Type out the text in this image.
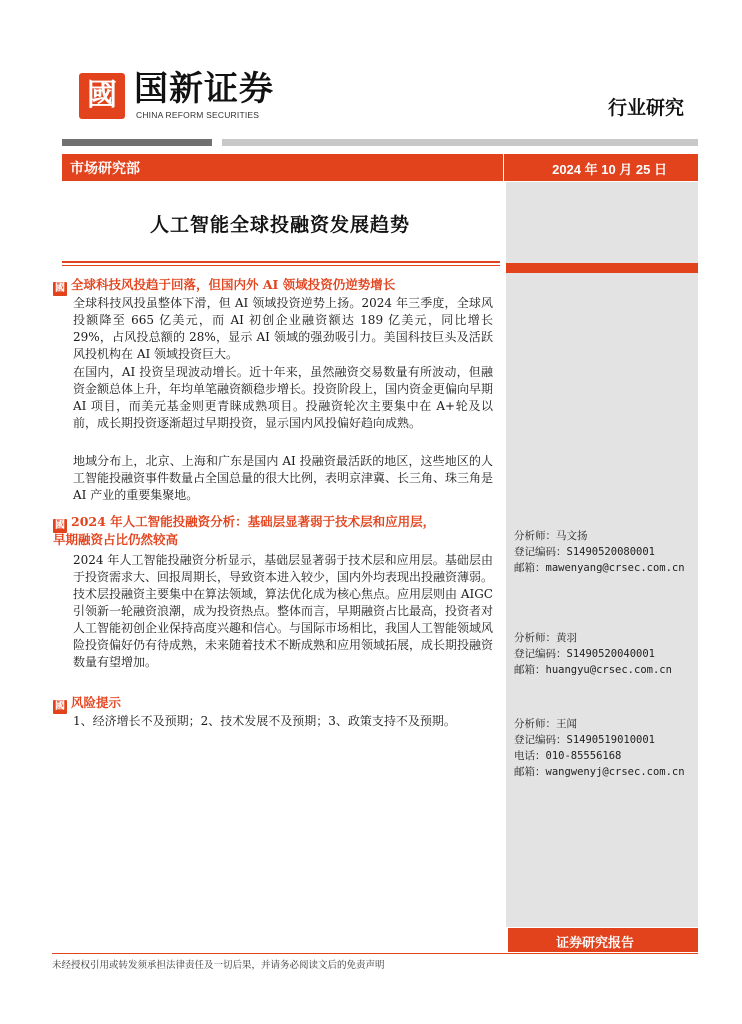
國 国新证券
CHINA REFORM SECURITIES	行业研究
市场研究部	2024 年 10 月 25 日
人工智能全球投融资发展趋势
國 全球科技风投趋于回落，但国内外 AI 领域投资仍逆势增长

全球科技风投虽整体下滑，但 AI 领域投资逆势上扬。2024 年三季度，全球风投额降至 665 亿美元，而 AI 初创企业融资额达 189 亿美元，同比增长 29%，占风投总额的 28%，显示 AI 领域的强劲吸引力。美国科技巨头及活跃风投机构在 AI 领域投资巨大。

在国内，AI 投资呈现波动增长。近十年来，虽然融资交易数量有所波动，但融资金额总体上升，年均单笔融资额稳步增长。投资阶段上，国内资金更偏向早期 AI 项目，而美元基金则更青睐成熟项目。投融资轮次主要集中在 A+轮及以前，成长期投资逐渐超过早期投资，显示国内风投偏好趋向成熟。

地域分布上，北京、上海和广东是国内 AI 投融资最活跃的地区，这些地区的人工智能投融资事件数量占全国总量的很大比例，表明京津冀、长三角、珠三角是 AI 产业的重要集聚地。

國 2024 年人工智能投融资分析：基础层显著弱于技术层和应用层，
早期融资占比仍然较高

2024 年人工智能投融资分析显示，基础层显著弱于技术层和应用层。基础层由于投资需求大、回报周期长，导致资本进入较少，国内外均表现出投融资薄弱。技术层投融资主要集中在算法领域，算法优化成为核心焦点。应用层则由 AIGC 引领新一轮融资浪潮，成为投资热点。整体而言，早期融资占比最高，投资者对人工智能初创企业保持高度兴趣和信心。与国际市场相比，我国人工智能领域风险投资偏好仍有待成熟，未来随着技术不断成熟和应用领域拓展，成长期投融资数量有望增加。

國 风险提示

1、经济增长不及预期；2、技术发展不及预期；3、政策支持不及预期。

分析师：马文扬
登记编码：S1490520080001
邮箱：mawenyang@crsec.com.cn
分析师：黄羽
登记编码：S1490520040001
邮箱：huangyu@crsec.com.cn
分析师：王闻
登记编码：S1490519010001
电话：010-85556168
邮箱：wangwenyj@crsec.com.cn
证券研究报告
未经授权引用或转发须承担法律责任及一切后果，并请务必阅读文后的免责声明
